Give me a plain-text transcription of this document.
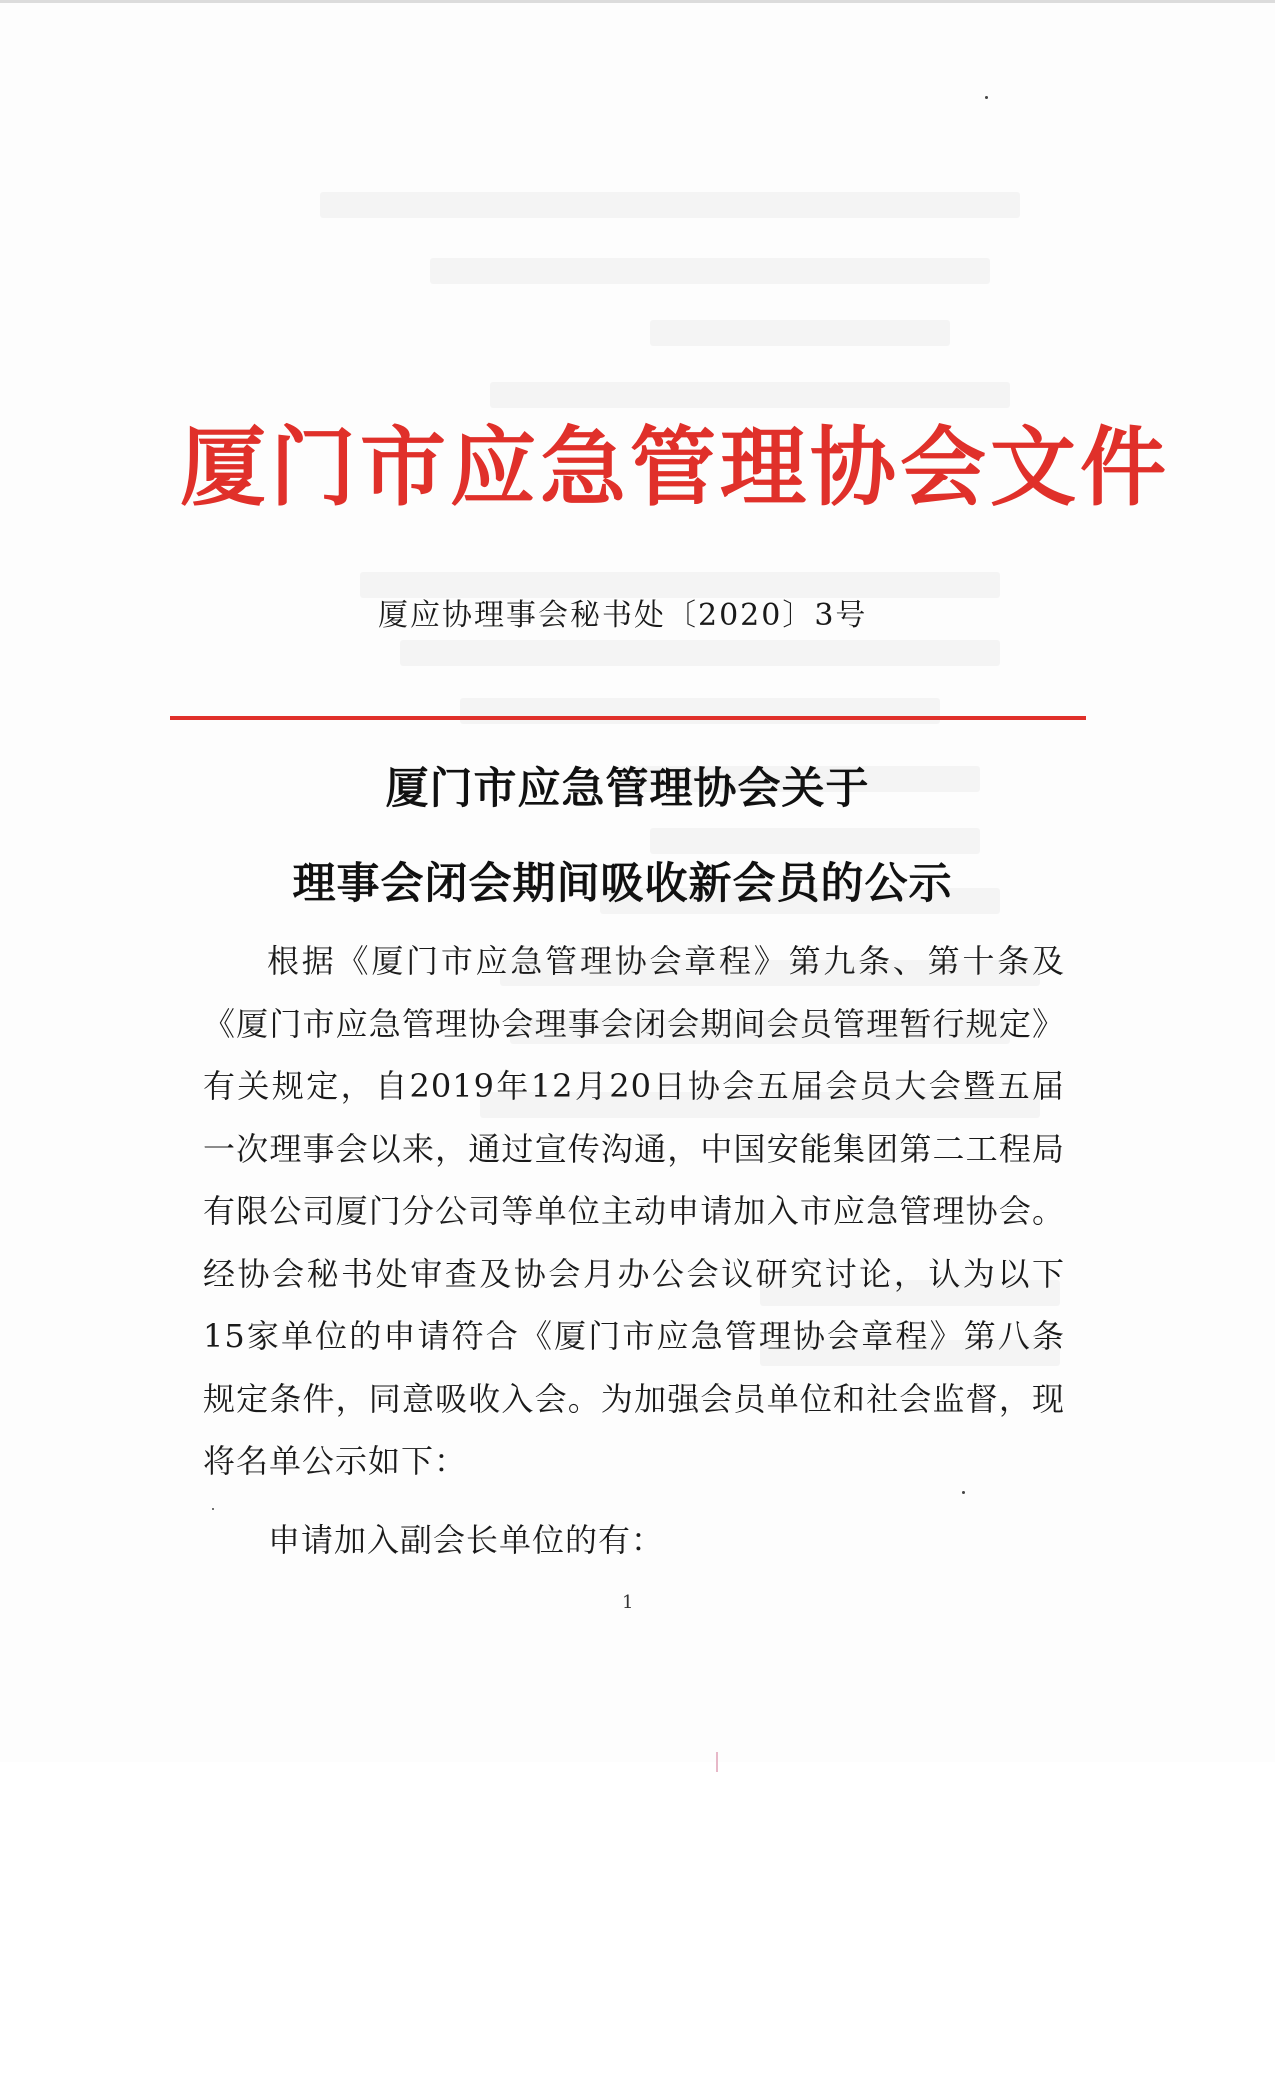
厦门市应急管理协会文件
厦应协理事会秘书处〔2020〕3号
厦门市应急管理协会关于
理事会闭会期间吸收新会员的公示
根据《厦门市应急管理协会章程》第九条、第十条及《厦门市应急管理协会理事会闭会期间会员管理暂行规定》有关规定，自2019年12月20日协会五届会员大会暨五届一次理事会以来，通过宣传沟通，中国安能集团第二工程局有限公司厦门分公司等单位主动申请加入市应急管理协会。经协会秘书处审查及协会月办公会议研究讨论，认为以下15家单位的申请符合《厦门市应急管理协会章程》第八条规定条件，同意吸收入会。为加强会员单位和社会监督，现将名单公示如下：
申请加入副会长单位的有：
1
